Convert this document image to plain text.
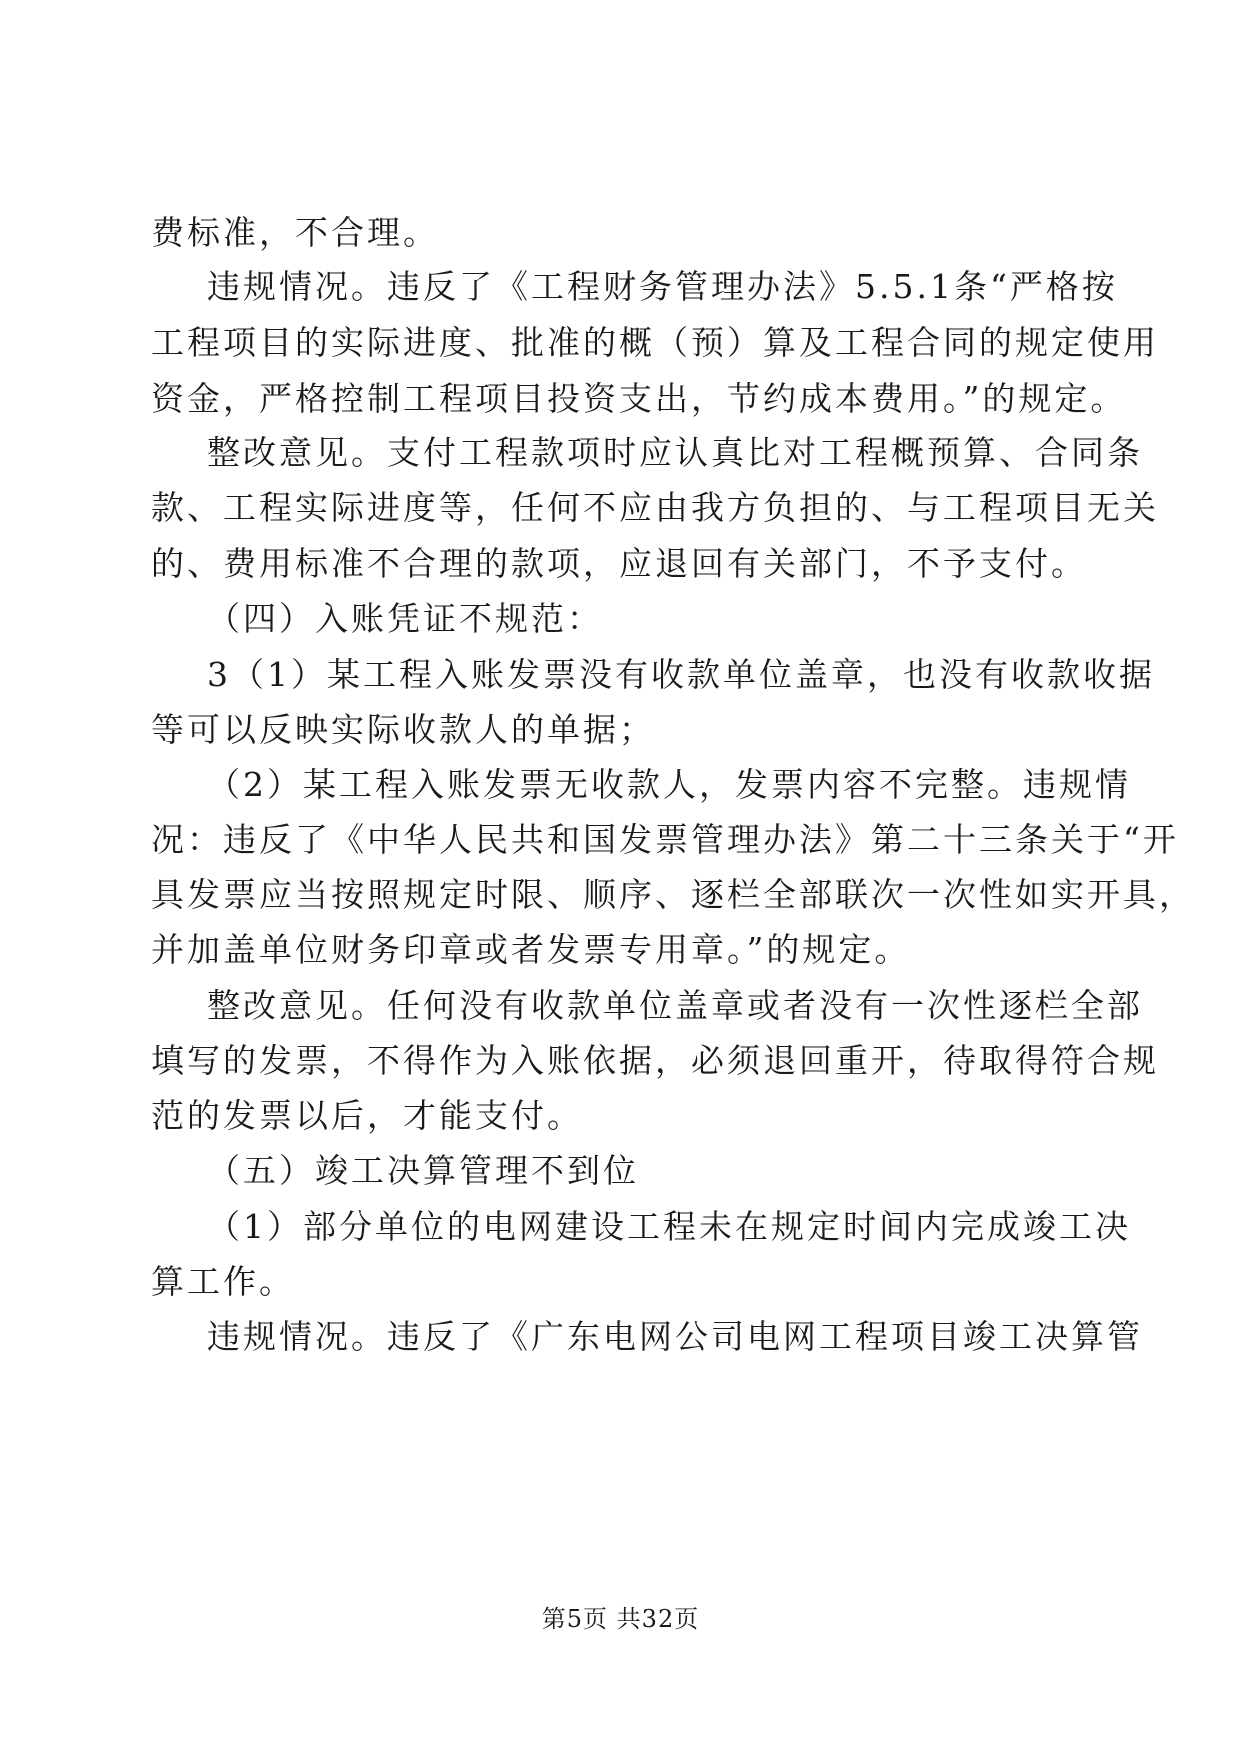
费标准，不合理。
违规情况。违反了《工程财务管理办法》5.5.1条“严格按
工程项目的实际进度、批准的概（预）算及工程合同的规定使用
资金，严格控制工程项目投资支出，节约成本费用。”的规定。
整改意见。支付工程款项时应认真比对工程概预算、合同条
款、工程实际进度等，任何不应由我方负担的、与工程项目无关
的、费用标准不合理的款项，应退回有关部门，不予支付。
（四）入账凭证不规范：
3（1）某工程入账发票没有收款单位盖章，也没有收款收据
等可以反映实际收款人的单据；
（2）某工程入账发票无收款人，发票内容不完整。违规情
况：违反了《中华人民共和国发票管理办法》第二十三条关于“开
具发票应当按照规定时限、顺序、逐栏全部联次一次性如实开具，
并加盖单位财务印章或者发票专用章。”的规定。
整改意见。任何没有收款单位盖章或者没有一次性逐栏全部
填写的发票，不得作为入账依据，必须退回重开，待取得符合规
范的发票以后，才能支付。
（五）竣工决算管理不到位
（1）部分单位的电网建设工程未在规定时间内完成竣工决
算工作。
违规情况。违反了《广东电网公司电网工程项目竣工决算管
第5页 共32页
